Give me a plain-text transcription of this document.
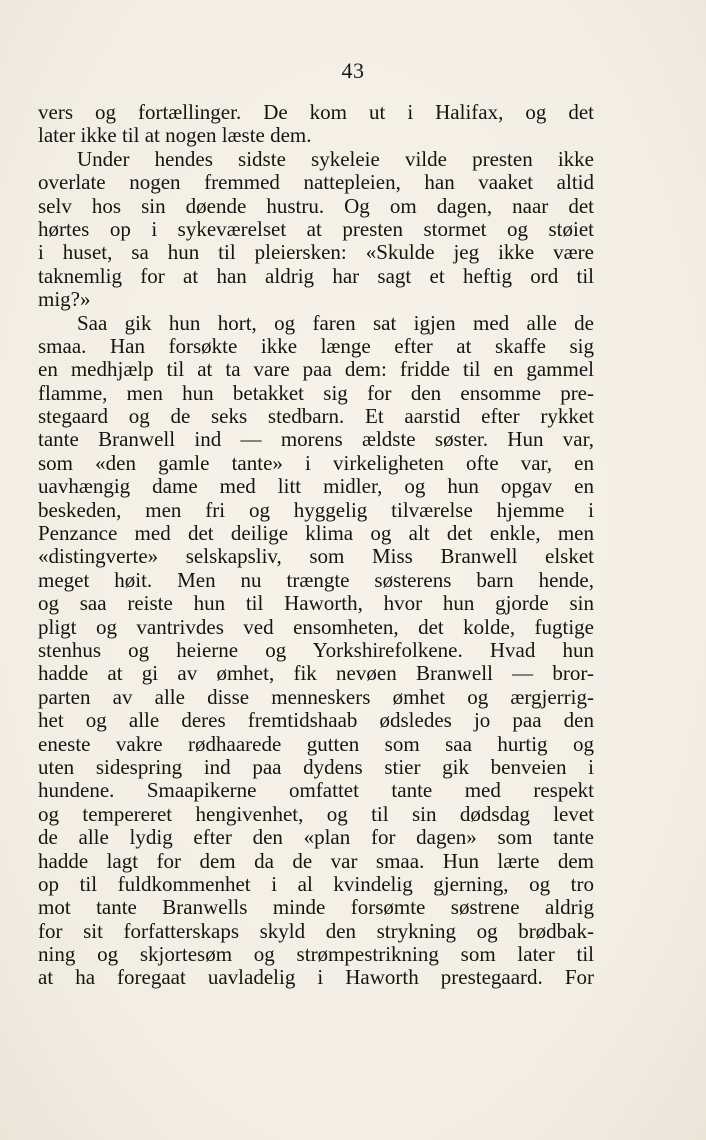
43
vers og fortællinger. De kom ut i Halifax, og det
later ikke til at nogen læste dem.
Under hendes sidste sykeleie vilde presten ikke
overlate nogen fremmed nattepleien, han vaaket altid
selv hos sin døende hustru. Og om dagen, naar det
hørtes op i sykeværelset at presten stormet og støiet
i huset, sa hun til pleiersken: «Skulde jeg ikke være
taknemlig for at han aldrig har sagt et heftig ord til
mig?»
Saa gik hun hort, og faren sat igjen med alle de
smaa. Han forsøkte ikke længe efter at skaffe sig
en medhjælp til at ta vare paa dem: fridde til en gammel
flamme, men hun betakket sig for den ensomme pre-
stegaard og de seks stedbarn. Et aarstid efter rykket
tante Branwell ind — morens ældste søster. Hun var,
som «den gamle tante» i virkeligheten ofte var, en
uavhængig dame med litt midler, og hun opgav en
beskeden, men fri og hyggelig tilværelse hjemme i
Penzance med det deilige klima og alt det enkle, men
«distingverte» selskapsliv, som Miss Branwell elsket
meget høit. Men nu trængte søsterens barn hende,
og saa reiste hun til Haworth, hvor hun gjorde sin
pligt og vantrivdes ved ensomheten, det kolde, fugtige
stenhus og heierne og Yorkshirefolkene. Hvad hun
hadde at gi av ømhet, fik nevøen Branwell — bror-
parten av alle disse menneskers ømhet og ærgjerrig-
het og alle deres fremtidshaab ødsledes jo paa den
eneste vakre rødhaarede gutten som saa hurtig og
uten sidespring ind paa dydens stier gik benveien i
hundene. Smaapikerne omfattet tante med respekt
og tempereret hengivenhet, og til sin dødsdag levet
de alle lydig efter den «plan for dagen» som tante
hadde lagt for dem da de var smaa. Hun lærte dem
op til fuldkommenhet i al kvindelig gjerning, og tro
mot tante Branwells minde forsømte søstrene aldrig
for sit forfatterskaps skyld den strykning og brødbak-
ning og skjortesøm og strømpestrikning som later til
at ha foregaat uavladelig i Haworth prestegaard. For
